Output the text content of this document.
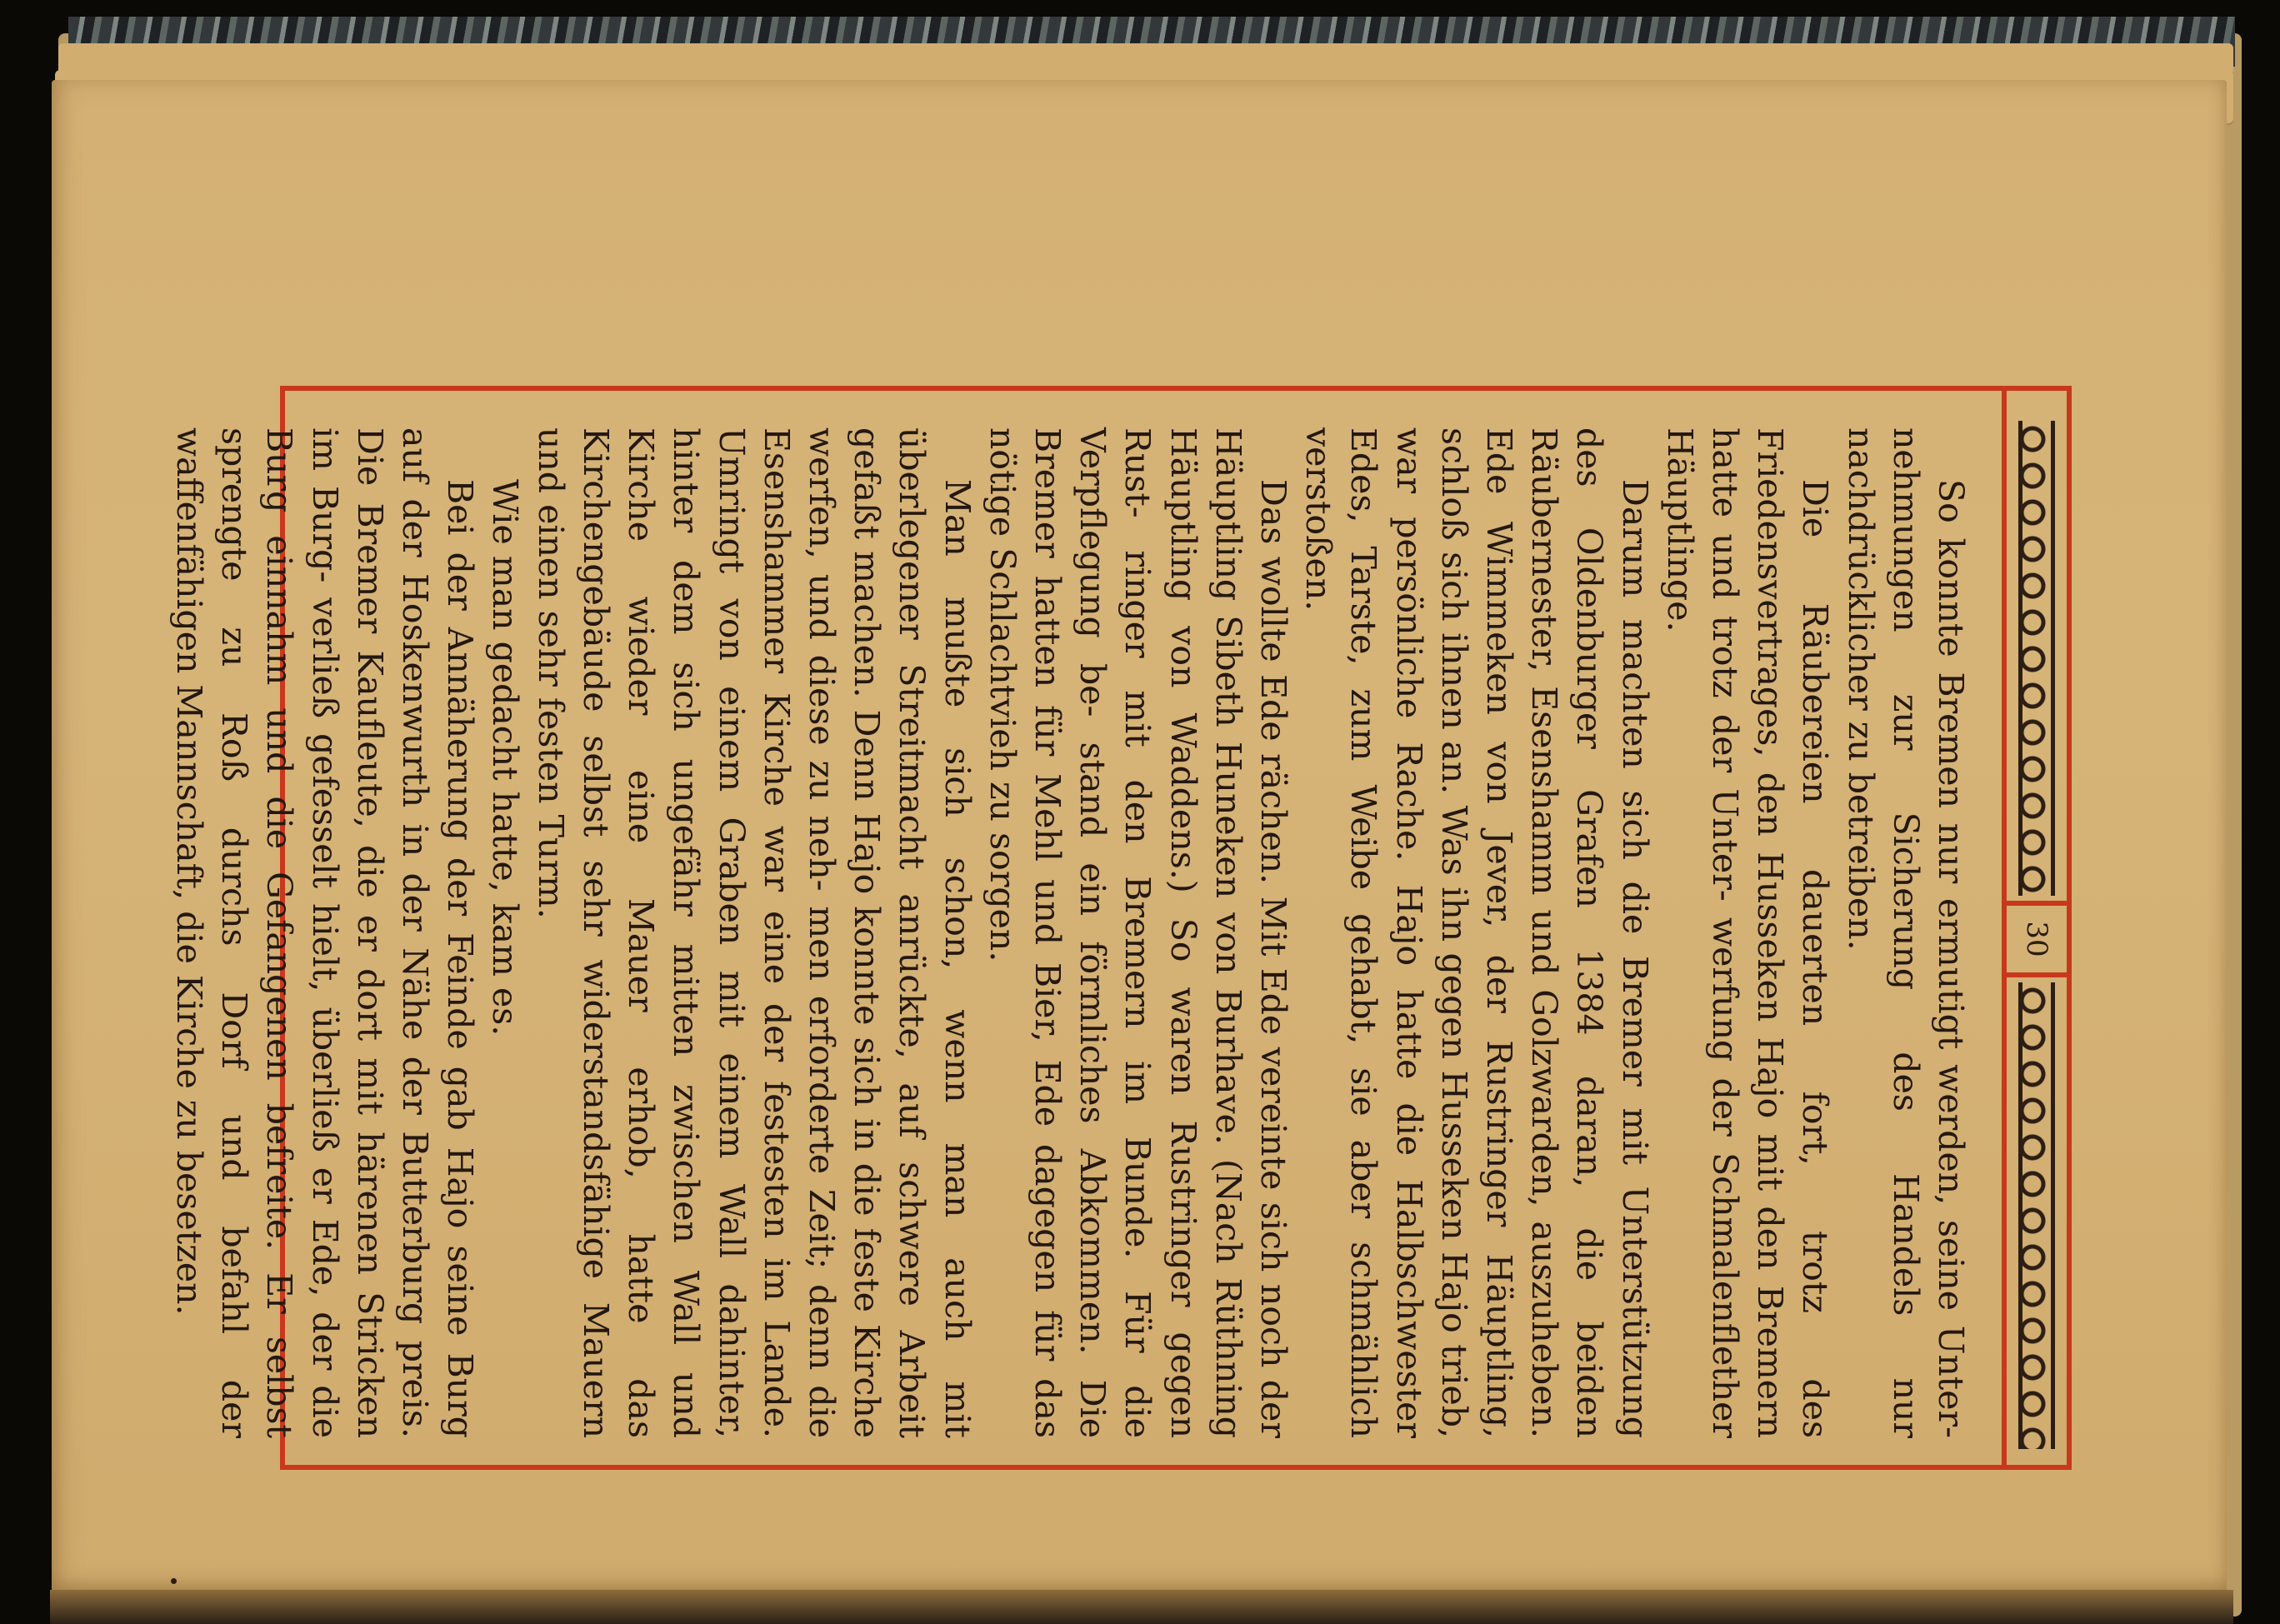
30

So konnte Bremen nur ermutigt werden, seine Unter- nehmungen zur Sicherung des Handels nur nachdrücklicher zu betreiben.

Die Räubereien dauerten fort, trotz des Friedensvertrages, den Husseken Hajo mit den Bremern hatte und trotz der Unter- werfung der Schmalenflether Häuptlinge.

Darum machten sich die Bremer mit Unterstützung des Oldenburger Grafen 1384 daran, die beiden Räubernester, Esenshamm und Golzwarden, auszuheben. Ede Wimmeken von Jever, der Rustringer Häuptling, schloß sich ihnen an. Was ihn gegen Husseken Hajo trieb, war persönliche Rache. Hajo hatte die Halbschwester Edes, Tarste, zum Weibe gehabt, sie aber schmählich verstoßen.

Das wollte Ede rächen. Mit Ede vereinte sich noch der Häuptling Sibeth Huneken von Burhave. (Nach Rüthning Häuptling von Waddens.) So waren Rustringer gegen Rust- ringer mit den Bremern im Bunde. Für die Verpflegung be- stand ein förmliches Abkommen. Die Bremer hatten für Mehl und Bier, Ede dagegen für das nötige Schlachtvieh zu sorgen.

Man mußte sich schon, wenn man auch mit überlegener Streitmacht anrückte, auf schwere Arbeit gefaßt machen. Denn Hajo konnte sich in die feste Kirche werfen, und diese zu neh- men erforderte Zeit; denn die Esenshammer Kirche war eine der festesten im Lande. Umringt von einem Graben mit einem Wall dahinter, hinter dem sich ungefähr mitten zwischen Wall und Kirche wieder eine Mauer erhob, hatte das Kirchengebäude selbst sehr widerstandsfähige Mauern und einen sehr festen Turm.

Wie man gedacht hatte, kam es.

Bei der Annäherung der Feinde gab Hajo seine Burg auf der Hoskenwurth in der Nähe der Butterburg preis. Die Bremer Kaufleute, die er dort mit härenen Stricken im Burg- verließ gefesselt hielt, überließ er Ede, der die Burg einnahm und die Gefangenen befreite. Er selbst sprengte zu Roß durchs Dorf und befahl der waffenfähigen Mannschaft, die Kirche zu besetzen.
